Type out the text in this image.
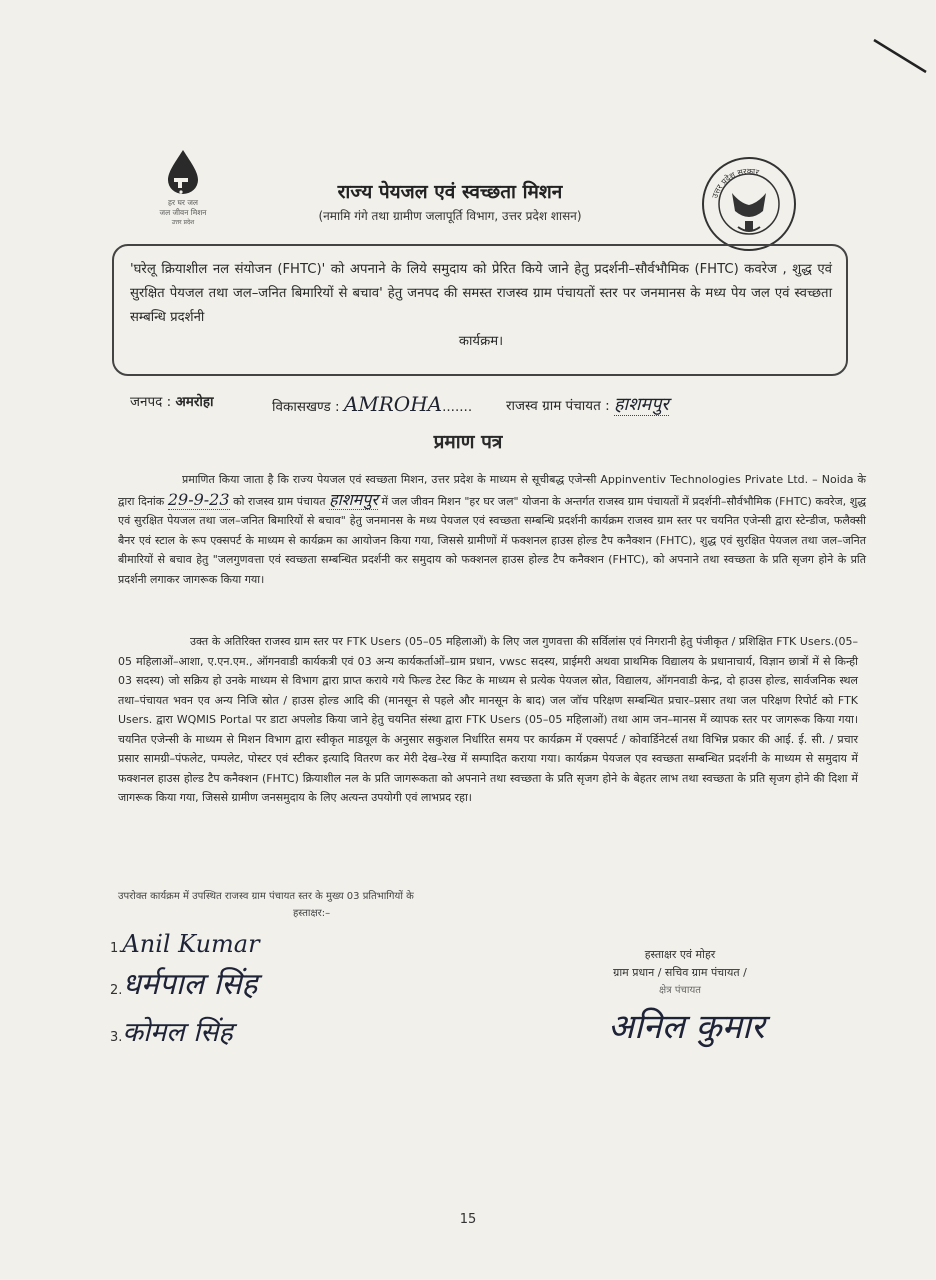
हर घर जल
जल जीवन मिशन
उत्तर प्रदेश
राज्य पेयजल एवं स्वच्छता मिशन
(नमामि गंगे तथा ग्रामीण जलापूर्ति विभाग, उत्तर प्रदेश शासन)
उत्तर प्रदेश सरकार
'घरेलू क्रियाशील नल संयोजन (FHTC)' को अपनाने के लिये समुदाय को प्रेरित किये जाने हेतु प्रदर्शनी–सौर्वभौमिक (FHTC) कवरेज , शुद्ध एवं सुरक्षित पेयजल तथा जल–जनित बिमारियों से बचाव' हेतु जनपद की समस्त राजस्व ग्राम पंचायतों स्तर पर जनमानस के मध्य पेय जल एवं स्वच्छता सम्बन्धि प्रदर्शनी
कार्यक्रम।
जनपद : अमरोहा	विकासखण्ड : AMROHA.......	राजस्व ग्राम पंचायत : हाशमपुर
प्रमाण पत्र
प्रमाणित किया जाता है कि राज्य पेयजल एवं स्वच्छता मिशन, उत्तर प्रदेश के माध्यम से सूचीबद्ध एजेन्सी Appinventiv Technologies Private Ltd. – Noida के द्वारा दिनांक 29-9-23 को राजस्व ग्राम पंचायत हाशमपुर में जल जीवन मिशन "हर घर जल" योजना के अन्तर्गत राजस्व ग्राम पंचायतों में प्रदर्शनी–सौर्वभौमिक (FHTC) कवरेज, शुद्ध एवं सुरक्षित पेयजल तथा जल–जनित बिमारियों से बचाव" हेतु जनमानस के मध्य पेयजल एवं स्वच्छता सम्बन्धि प्रदर्शनी कार्यक्रम राजस्व ग्राम स्तर पर चयनित एजेन्सी द्वारा स्टेन्डीज, फलैक्सी बैनर एवं स्टाल के रूप एक्सपर्ट के माध्यम से कार्यक्रम का आयोजन किया गया, जिससे ग्रामीणों में फक्शनल हाउस होल्ड टैप कनैक्शन (FHTC), शुद्ध एवं सुरक्षित पेयजल तथा जल–जनित बीमारियों से बचाव हेतु "जलगुणवत्ता एवं स्वच्छता सम्बन्धित प्रदर्शनी कर समुदाय को फक्शनल हाउस होल्ड टैप कनैक्शन (FHTC), को अपनाने तथा स्वच्छता के प्रति सृजग होने के प्रति प्रदर्शनी लगाकर जागरूक किया गया।
उक्त के अतिरिक्त राजस्व ग्राम स्तर पर FTK Users (05–05 महिलाओं) के लिए जल गुणवत्ता की सर्विलांस एवं निगरानी हेतु पंजीकृत / प्रशिक्षित FTK Users.(05–05 महिलाओं–आशा, ए.एन.एम., ऑगनवाडी कार्यकत्री एवं 03 अन्य कार्यकर्ताओं–ग्राम प्रधान, vwsc सदस्य, प्राईमरी अथवा प्राथमिक विद्यालय के प्रधानाचार्य, विज्ञान छात्रों में से किन्ही 03 सदस्य) जो सक्रिय हो उनके माध्यम से विभाग द्वारा प्राप्त कराये गये फिल्ड टेस्ट किट के माध्यम से प्रत्येक पेयजल स्रोत, विद्यालय, ऑगनवाडी केन्द्र, दो हाउस होल्ड, सार्वजनिक स्थल तथा–पंचायत भवन एव अन्य निजि स्रोत / हाउस होल्ड आदि की (मानसून से पहले और मानसून के बाद) जल जॉच परिक्षण सम्बन्धित प्रचार–प्रसार तथा जल परिक्षण रिपोर्ट को FTK Users. द्वारा WQMIS Portal पर डाटा अपलोड किया जाने हेतु चयनित संस्था द्वारा FTK Users (05–05 महिलाओं) तथा आम जन–मानस में व्यापक स्तर पर जागरूक किया गया। चयनित एजेन्सी के माध्यम से मिशन विभाग द्वारा स्वीकृत माडयूल के अनुसार सकुशल निर्धारित समय पर कार्यक्रम में एक्सपर्ट / कोवार्डिनेटर्स तथा विभिन्न प्रकार की आई. ई. सी. / प्रचार प्रसार सामग्री–पंफलेट, पम्पलेट, पोस्टर एवं स्टीकर इत्यादि वितरण कर मेरी देख–रेख में सम्पादित कराया गया। कार्यक्रम पेयजल एव स्वच्छता सम्बन्धित प्रदर्शनी के माध्यम से समुदाय में फक्शनल हाउस होल्ड टैप कनैक्शन (FHTC) क्रियाशील नल के प्रति जागरूकता को अपनाने तथा स्वच्छता के प्रति सृजग होने के बेहतर लाभ तथा स्वच्छता के प्रति सृजग होने की दिशा में जागरूक किया गया, जिससे ग्रामीण जनसमुदाय के लिए अत्यन्त उपयोगी एवं लाभप्रद रहा।
उपरोक्त कार्यक्रम में उपस्थित राजस्व ग्राम पंचायत स्तर के मुख्य 03 प्रतिभागियों के
हस्ताक्षर:–
1.Anil Kumar
2.धर्मपाल सिंह
3.कोमल सिंह
हस्ताक्षर एवं मोहर
ग्राम प्रधान / सचिव ग्राम पंचायत /
क्षेत्र पंचायत
अनिल कुमार
15
